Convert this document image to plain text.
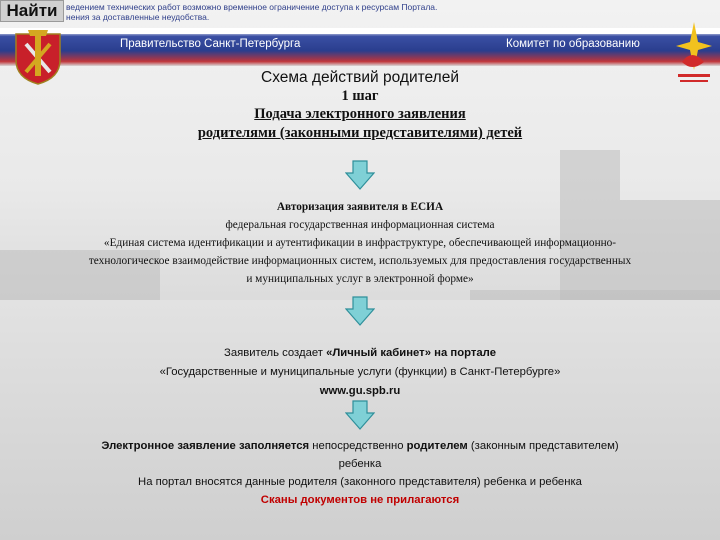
Найти	ведением технических работ возможно временное ограничение доступа к ресурсам Портала.
нения за доставленные неудобства.
Правительство Санкт-Петербурга	Комитет по образованию
Схема действий родителей
1 шаг
Подача электронного заявления
родителями (законными представителями) детей
Авторизация заявителя в ЕСИА
федеральная государственная информационная система
«Единая система идентификации и аутентификации в инфраструктуре, обеспечивающей информационно-
технологическое взаимодействие информационных систем, используемых для предоставления государственных
и муниципальных услуг в электронной форме»
Заявитель создает «Личный кабинет» на портале
«Государственные и муниципальные услуги (функции) в Санкт-Петербурге»
www.gu.spb.ru
Электронное заявление заполняется непосредственно родителем (законным представителем)
ребенка
На портал вносятся данные родителя (законного представителя) ребенка и ребенка
Сканы документов не прилагаются
